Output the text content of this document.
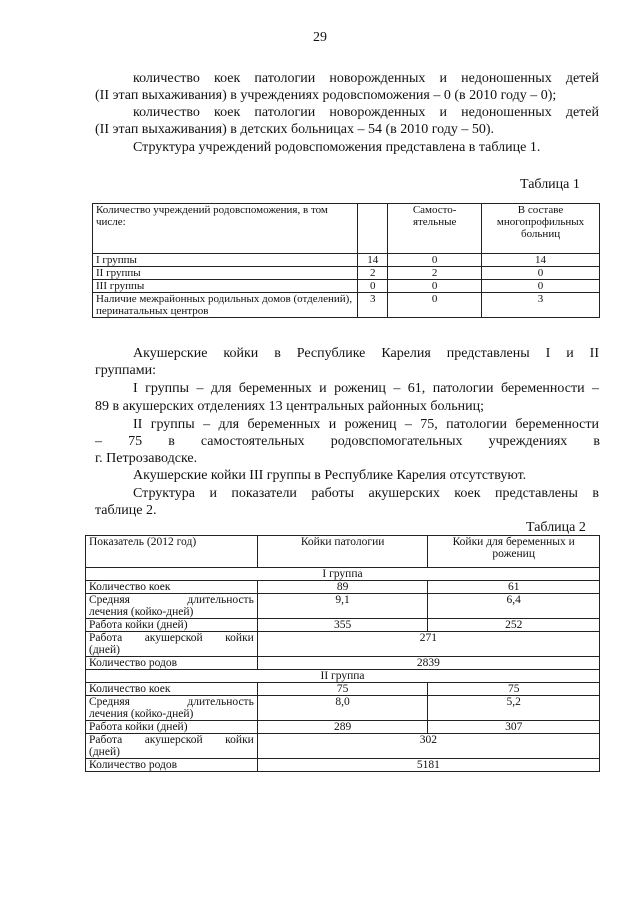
29

количество коек патологии новорожденных и недоношенных детей

(II этап выхаживания) в учреждениях родовспоможения – 0 (в 2010 году – 0);

количество коек патологии новорожденных и недоношенных детей

(II этап выхаживания) в детских больницах – 54 (в 2010 году – 50).

Структура учреждений родовспоможения представлена в таблице 1.

Таблица 1
Количество учреждений родовспоможения, в том числе:		Самосто-ятельные	В составе многопрофильных больниц
I группы	14	0	14
II группы	2	2	0
III группы	0	0	0
Наличие межрайонных родильных домов (отделений), перинатальных центров	3	0	3

Акушерские койки в Республике Карелия представлены I и II

группами:

I группы – для беременных и рожениц – 61, патологии беременности –

89 в акушерских отделениях 13 центральных районных больниц;

II группы – для беременных и рожениц – 75, патологии беременности

– 75 в самостоятельных родовспомогательных учреждениях в

г. Петрозаводске.

Акушерские койки III группы в Республике Карелия отсутствуют.

Структура и показатели работы акушерских коек представлены в

таблице 2.

Таблица 2
Показатель (2012 год)	Койки патологии	Койки для беременных и рожениц
I группа		
Количество коек	89	61

Средняя длительность
лечения (койко-дней)	9,1	6,4
Работа койки (дней)	355	252

Работа акушерской койки
(дней)	271	
Количество родов	2839	
II группа		
Количество коек	75	75

Средняя длительность
лечения (койко-дней)	8,0	5,2
Работа койки (дней)	289	307

Работа акушерской койки
(дней)	302	
Количество родов	5181	
